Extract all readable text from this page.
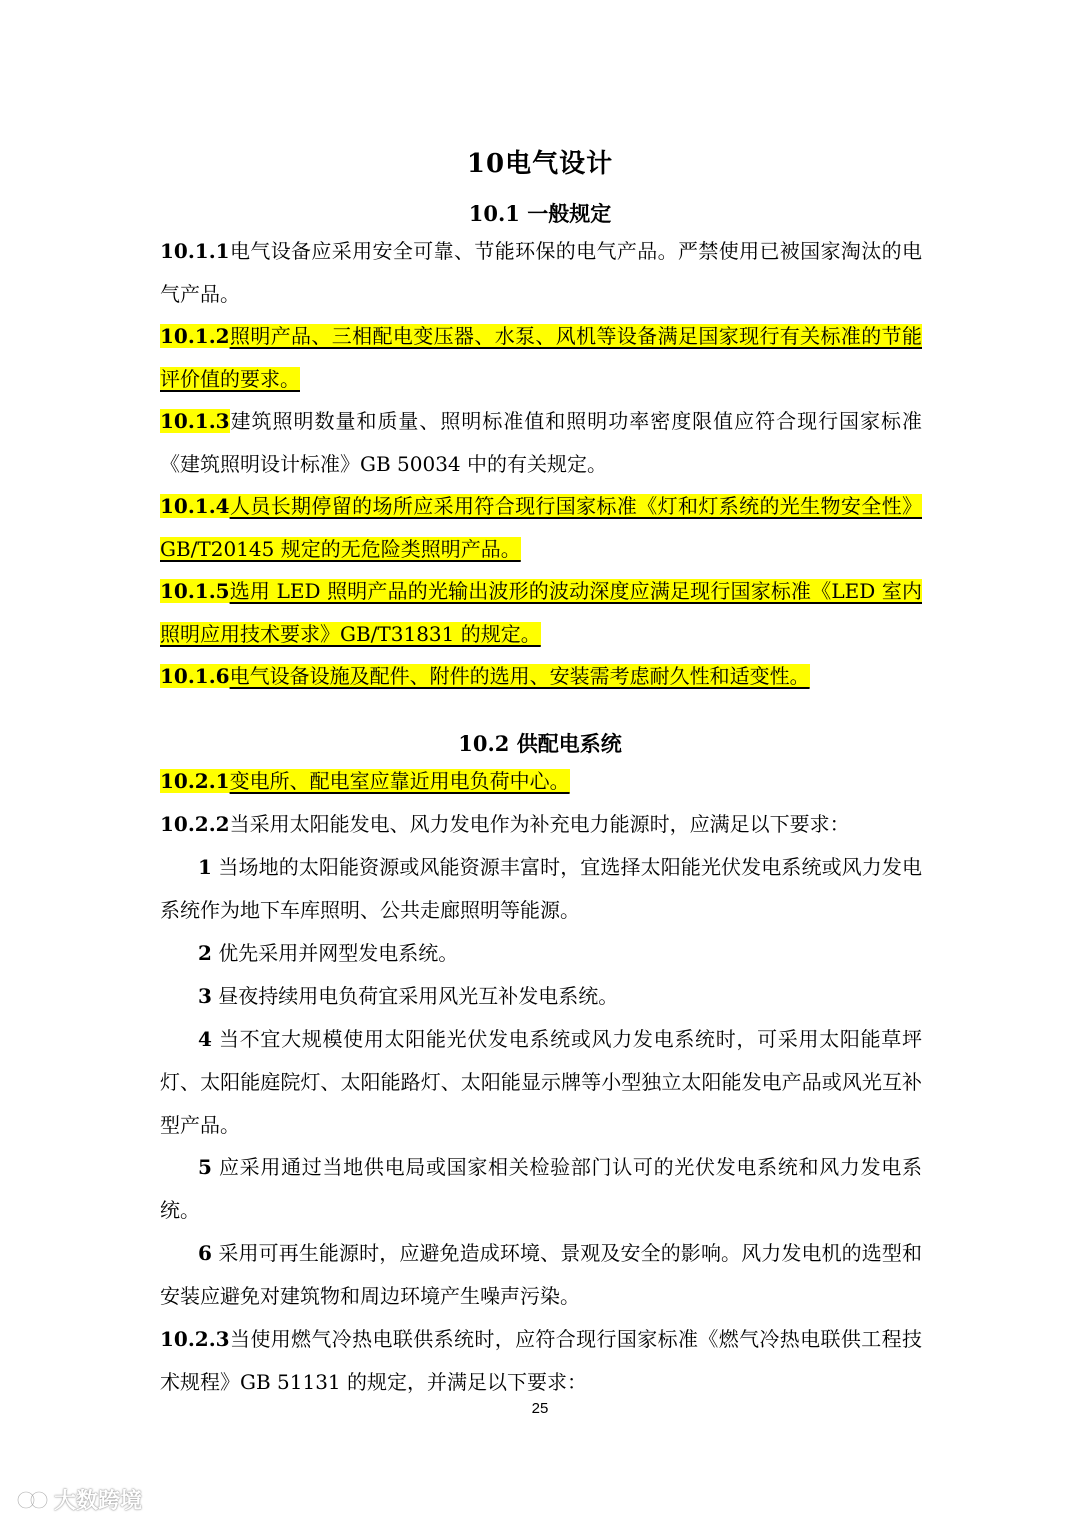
10电气设计
10.1 一般规定
10.1.1电气设备应采用安全可靠、节能环保的电气产品。严禁使用已被国家淘汰的电气产品。
10.1.2照明产品、三相配电变压器、水泵、风机等设备满足国家现行有关标准的节能评价值的要求。
10.1.3建筑照明数量和质量、照明标准值和照明功率密度限值应符合现行国家标准《建筑照明设计标准》GB 50034 中的有关规定。
10.1.4人员长期停留的场所应采用符合现行国家标准《灯和灯系统的光生物安全性》GB/T20145 规定的无危险类照明产品。
10.1.5选用 LED 照明产品的光输出波形的波动深度应满足现行国家标准《LED 室内照明应用技术要求》GB/T31831 的规定。
10.1.6电气设备设施及配件、附件的选用、安装需考虑耐久性和适变性。
10.2 供配电系统
10.2.1变电所、配电室应靠近用电负荷中心。
10.2.2当采用太阳能发电、风力发电作为补充电力能源时，应满足以下要求：
1 当场地的太阳能资源或风能资源丰富时，宜选择太阳能光伏发电系统或风力发电系统作为地下车库照明、公共走廊照明等能源。
2 优先采用并网型发电系统。
3 昼夜持续用电负荷宜采用风光互补发电系统。
4 当不宜大规模使用太阳能光伏发电系统或风力发电系统时，可采用太阳能草坪灯、太阳能庭院灯、太阳能路灯、太阳能显示牌等小型独立太阳能发电产品或风光互补型产品。
5 应采用通过当地供电局或国家相关检验部门认可的光伏发电系统和风力发电系统。
6 采用可再生能源时，应避免造成环境、景观及安全的影响。风力发电机的选型和安装应避免对建筑物和周边环境产生噪声污染。
10.2.3当使用燃气冷热电联供系统时，应符合现行国家标准《燃气冷热电联供工程技术规程》GB 51131 的规定，并满足以下要求：
25
大数跨境
